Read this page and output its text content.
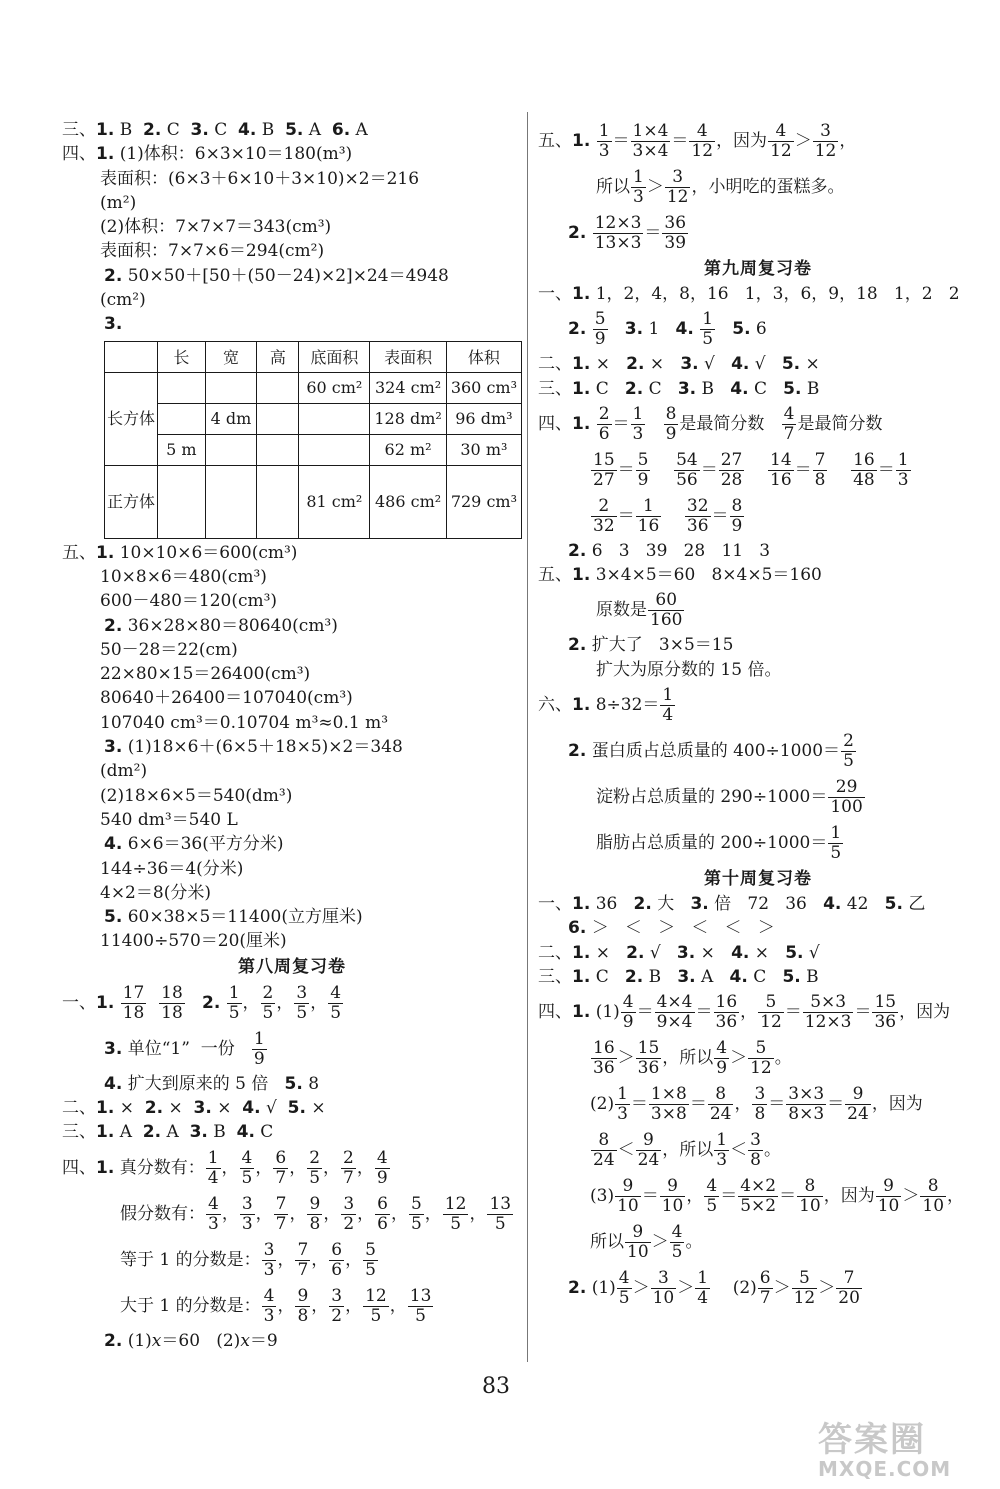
三、1. B  2. C  3. C  4. B  5. A  6. A
四、1. (1)体积：6×3×10＝180(m³)
表面积：(6×3＋6×10＋3×10)×2＝216
(m²)
(2)体积：7×7×7＝343(cm³)
表面积：7×7×6＝294(cm²)
2. 50×50＋[50＋(50－24)×2]×24＝4948
(cm²)
3.
	长	宽	高	底面积	表面积	体积
长方体				60 cm²	324 cm²	360 cm³
		4 dm			128 dm²	96 dm³
	5 m				62 m²	30 m³
正方体				81 cm²	486 cm²	729 cm³
五、1. 10×10×6＝600(cm³)
10×8×6＝480(cm³)
600－480＝120(cm³)
2. 36×28×80＝80640(cm³)
50－28＝22(cm)
22×80×15＝26400(cm³)
80640＋26400＝107040(cm³)
107040 cm³＝0.10704 m³≈0.1 m³
3. (1)18×6＋(6×5＋18×5)×2＝348
(dm²)
(2)18×6×5＝540(dm³)
540 dm³＝540 L
4. 6×6＝36(平方分米)
144÷36＝4(分米)
4×2＝8(分米)
5. 60×38×5＝11400(立方厘米)
11400÷570＝20(厘米)
第八周复习卷
一、1. $\frac{17}{18}$
$\frac{18}{18} 2$. $\frac{1}{5}$ ， $\frac{2}{5}$ ， $\frac{3}{5}$ ， $\frac{4}{5}$
3. 单位“1”  一份 $\frac{1}{9}$
4. 扩大到原来的 5 倍   5. 8
二、1. ×  2. ×  3. ×  4. √  5. ×
三、1. A  2. A  3. B  4. C
四、1. 真分数有： $\frac{1}{4}$ ， $\frac{4}{5}$ ， $\frac{6}{7}$ ， $\frac{2}{5}$ ， $\frac{2}{7}$ ， $\frac{4}{9}$
假分数有： $\frac{4}{3}$ ， $\frac{3}{3}$ ， $\frac{7}{7}$ ， $\frac{9}{8}$ ， $\frac{3}{2}$ ， $\frac{6}{6}$ ， $\frac{5}{5}$ ， $\frac{12}{5}$ ， $\frac{13}{5}$
等于 1 的分数是： $\frac{3}{3}$ ， $\frac{7}{7}$ ， $\frac{6}{6}$ ， $\frac{5}{5}$
大于 1 的分数是： $\frac{4}{3}$ ， $\frac{9}{8}$ ， $\frac{3}{2}$ ， $\frac{12}{5}$ ， $\frac{13}{5}$
2. (1)x＝60   (2)x＝9
五、1. $\frac{1}{3} = \frac{1\times 4}{3\times 4} = \frac{4}{12}$ ，因为 $\frac{4}{12} > \frac{3}{12}$ ，
所以 $\frac{1}{3} > \frac{3}{12}$ ，小明吃的蛋糕多。
2. $\frac{12\times 3}{13\times 3} = \frac{36}{39}$
第九周复习卷
一、1. 1，2，4，8，16   1，3，6，9，18   1，2   2
2. $\frac{5}{9} 3$. 1   4. $\frac{1}{5} 5$. 6
二、1. ×   2. ×   3. √   4. √   5. ×
三、1. C   2. C   3. B   4. C   5. B
四、1. $\frac{2}{6} = \frac{1}{3}$
$\frac{8}{9}$ 是最简分数 $\frac{4}{7}$ 是最简分数
$\frac{15}{27} = \frac{5}{9}$
$\frac{54}{56} = \frac{27}{28}$
$\frac{14}{16} = \frac{7}{8}$
$\frac{16}{48} = \frac{1}{3}$
$\frac{2}{32} = \frac{1}{16}$
$\frac{32}{36} = \frac{8}{9}$
2. 6   3   39   28   11   3
五、1. 3×4×5＝60   8×4×5＝160
原数是 $\frac{60}{160}$
2. 扩大了   3×5＝15
扩大为原分数的 15 倍。
六、1. $8\div 32= \frac{1}{4}$
2. 蛋白质占总质量的 $400\div 1000= \frac{2}{5}$
淀粉占总质量的 $290\div 1000= \frac{29}{100}$
脂肪占总质量的 $200\div 1000= \frac{1}{5}$
第十周复习卷
一、1. 36   2. 大   3. 倍   72   36   4. 42   5. 乙
6. ＞   ＜   ＞   ＜   ＜   ＞
二、1. ×   2. √   3. ×   4. ×   5. √
三、1. C   2. B   3. A   4. C   5. B
四、1. $(1) \frac{4}{9} = \frac{4\times 4}{9\times 4} = \frac{16}{36}$ ， $\frac{5}{12} = \frac{5\times 3}{12\times 3} = \frac{15}{36}$ ，因为
$\frac{16}{36} > \frac{15}{36}$ ，所以 $\frac{4}{9} > \frac{5}{12}$ 。
$(2) \frac{1}{3} = \frac{1\times 8}{3\times 8} = \frac{8}{24}$ ， $\frac{3}{8} = \frac{3\times 3}{8\times 3} = \frac{9}{24}$ ，因为
$\frac{8}{24} < \frac{9}{24}$ ，所以 $\frac{1}{3} < \frac{3}{8}$ 。
$(3) \frac{9}{10} = \frac{9}{10}$ ， $\frac{4}{5} = \frac{4\times 2}{5\times 2} = \frac{8}{10}$ ，因为 $\frac{9}{10} > \frac{8}{10}$ ，
所以 $\frac{9}{10} > \frac{4}{5}$ 。
2. $(1) \frac{4}{5} > \frac{3}{10} > \frac{1}{4} (2) \frac{6}{7} > \frac{5}{12} > \frac{7}{20}$
83
答案圈
MXQE.COM
